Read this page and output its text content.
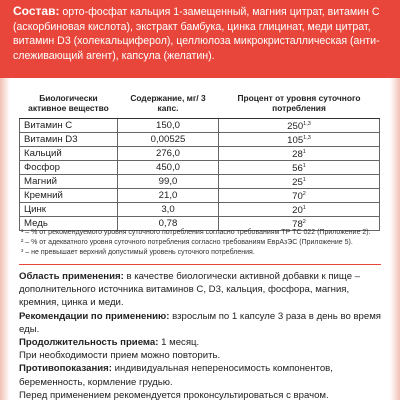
Состав: орто-фосфат кальция 1-замещенный, магния цитрат, витамин С (аскорбиновая кислота), экстракт бамбука, цинка глицинат, меди цитрат, витамин D3 (холекальциферол), целлюлоза микрокристаллическая (анти-слеживающий агент), капсула (желатин).
Биологически активное вещество	Содержание, мг/ 3 капс.	Процент от уровня суточного потребления
Витамин С	150,0	250$^{1,3}$
Витамин D3	0,00525	105$^{1,3}$
Кальций	276,0	$28^1$
Фосфор	450,0	$56^1$
Магний	99,0	$25^1$
Кремний	21,0	$70^2$
Цинк	3,0	$20^1$
Медь	0,78	$78^2$
¹ – % от рекомендуемого уровня суточного потребления согласно требованиям ТР ТС 022 (Приложение 2).
² – % от адекватного уровня суточного потребления согласно требованиям ЕврАзЭС (Приложение 5).
³ – не превышает верхний допустимый уровень суточного потребления.
Область применения: в качестве биологически активной добавки к пище – дополнительного источника витаминов С, D3, кальция, фосфора, магния, кремния, цинка и меди.
Рекомендации по применению: взрослым по 1 капсуле 3 раза в день во время еды.
Продолжительность приема: 1 месяц.
При необходимости прием можно повторить.
Противопоказания: индивидуальная непереносимость компонентов, беременность, кормление грудью.
Перед применением рекомендуется проконсультироваться с врачом.
